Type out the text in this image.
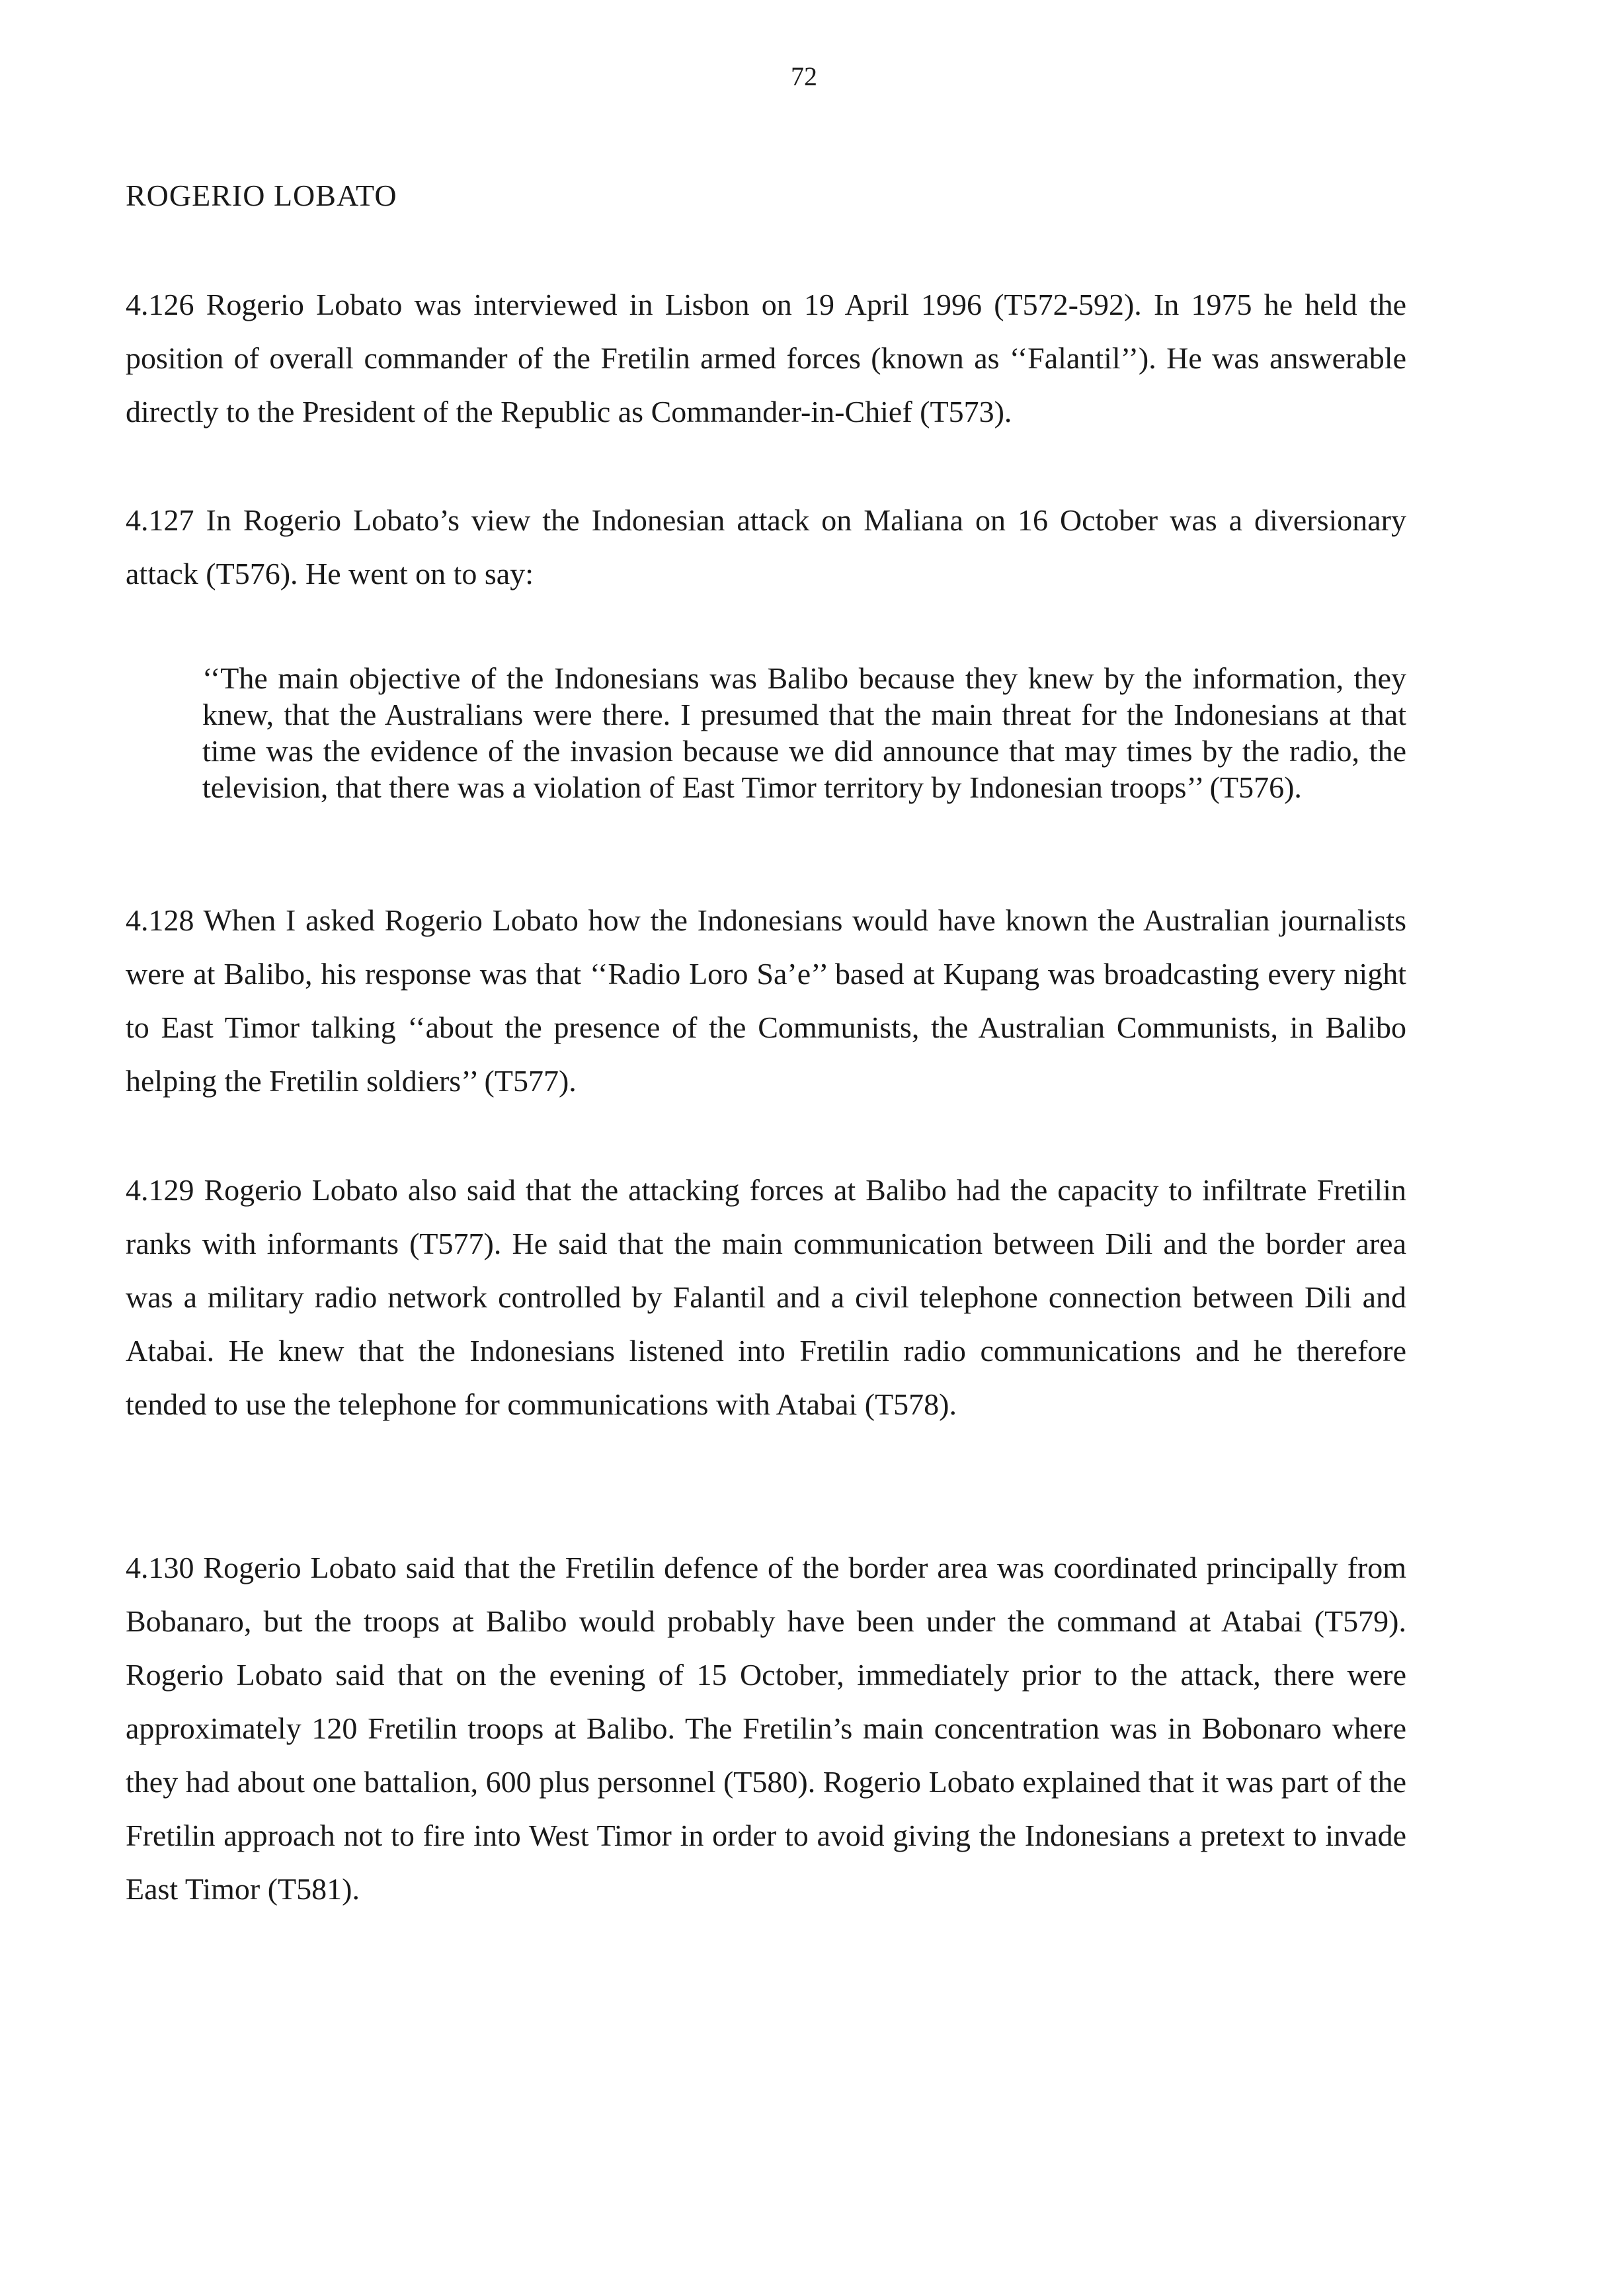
72
ROGERIO LOBATO

4.126 Rogerio Lobato was interviewed in Lisbon on 19 April 1996 (T572-592). In 1975 he held the position of overall commander of the Fretilin armed forces (known as ‘‘Falantil’’). He was answerable directly to the President of the Republic as Commander-in-Chief (T573).

4.127 In Rogerio Lobato’s view the Indonesian attack on Maliana on 16 October was a diversionary attack (T576). He went on to say:

‘‘The main objective of the Indonesians was Balibo because they knew by the information, they knew, that the Australians were there. I presumed that the main threat for the Indonesians at that time was the evidence of the invasion because we did announce that may times by the radio, the television, that there was a violation of East Timor territory by Indonesian troops’’ (T576).

4.128 When I asked Rogerio Lobato how the Indonesians would have known the Australian journalists were at Balibo, his response was that ‘‘Radio Loro Sa’e’’ based at Kupang was broadcasting every night to East Timor talking ‘‘about the presence of the Communists, the Australian Communists, in Balibo helping the Fretilin soldiers’’ (T577).

4.129 Rogerio Lobato also said that the attacking forces at Balibo had the capacity to infiltrate Fretilin ranks with informants (T577). He said that the main communication between Dili and the border area was a military radio network controlled by Falantil and a civil telephone connection between Dili and Atabai. He knew that the Indonesians listened into Fretilin radio communications and he therefore tended to use the telephone for communications with Atabai (T578).

4.130 Rogerio Lobato said that the Fretilin defence of the border area was coordinated principally from Bobanaro, but the troops at Balibo would probably have been under the command at Atabai (T579). Rogerio Lobato said that on the evening of 15 October, immediately prior to the attack, there were approximately 120 Fretilin troops at Balibo. The Fretilin’s main concentration was in Bobonaro where they had about one battalion, 600 plus personnel (T580). Rogerio Lobato explained that it was part of the Fretilin approach not to fire into West Timor in order to avoid giving the Indonesians a pretext to invade East Timor (T581).
